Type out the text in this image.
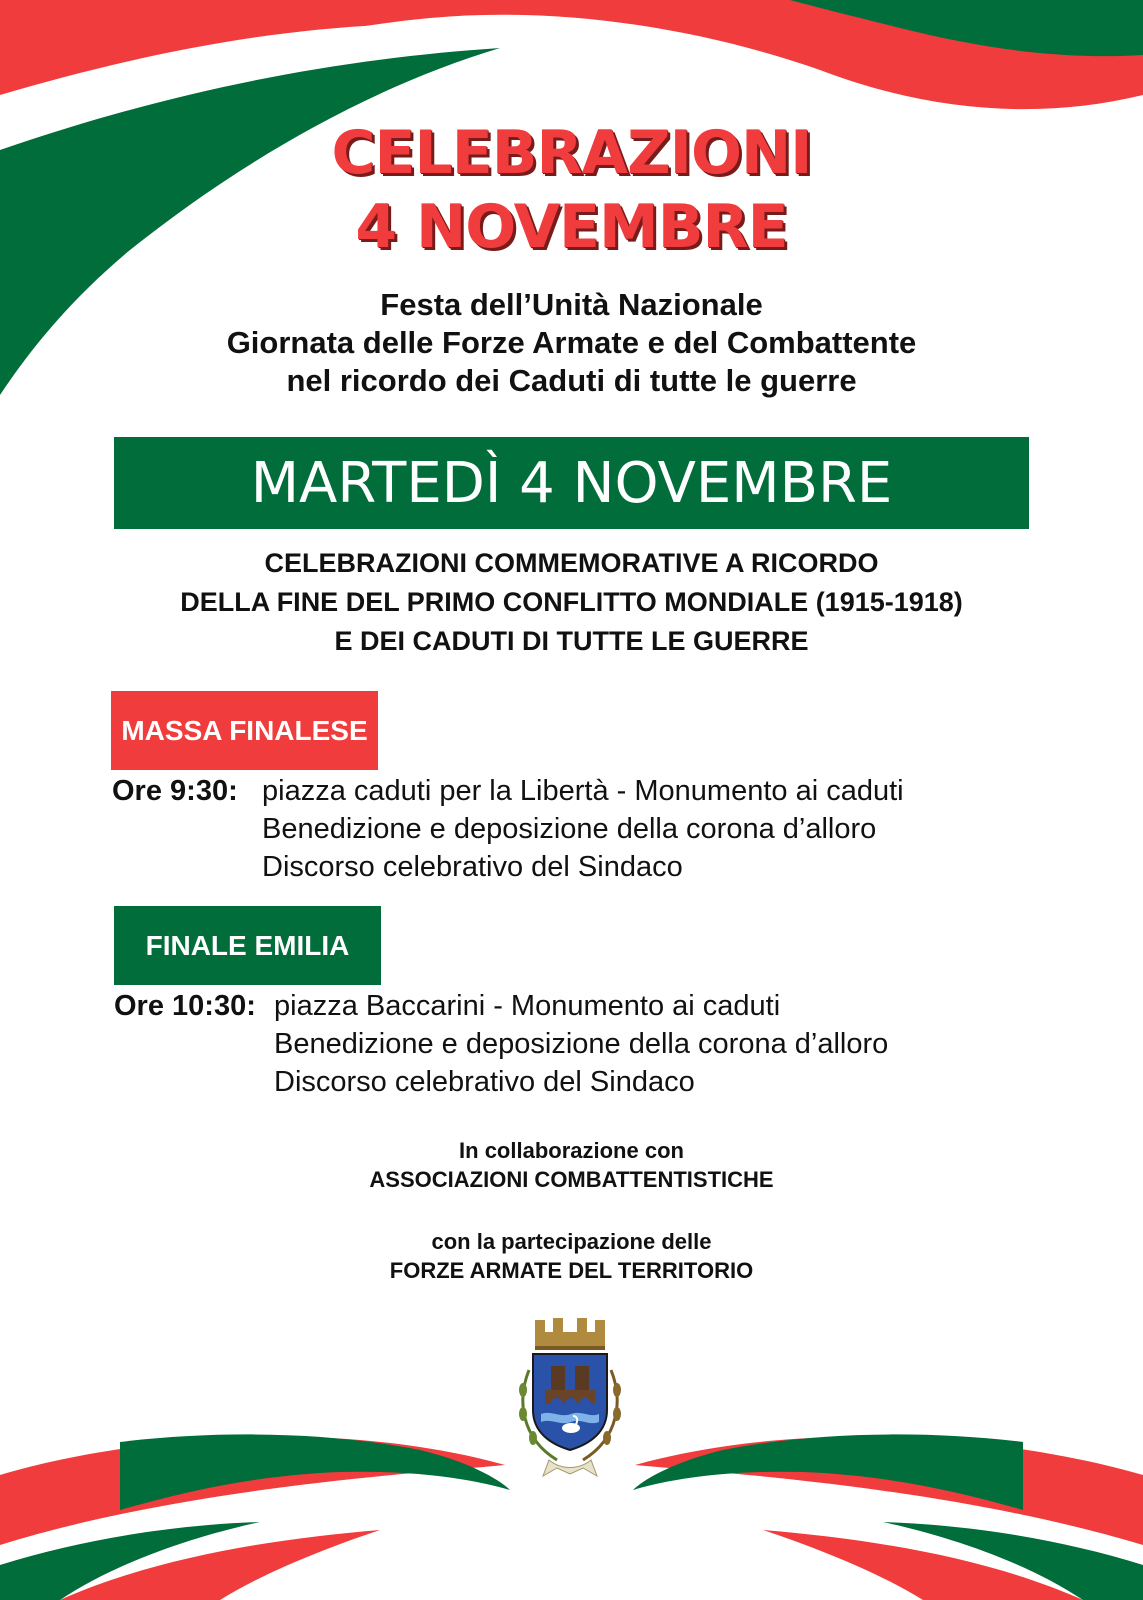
CELEBRAZIONI
4 NOVEMBRE
Festa dell’Unità Nazionale
Giornata delle Forze Armate e del Combattente
nel ricordo dei Caduti di tutte le guerre
MARTEDÌ 4 NOVEMBRE
CELEBRAZIONI COMMEMORATIVE A RICORDO
DELLA FINE DEL PRIMO CONFLITTO MONDIALE (1915-1918)
E DEI CADUTI DI TUTTE LE GUERRE
MASSA FINALESE
Ore 9:30: piazza caduti per la Libertà - Monumento ai caduti
Benedizione e deposizione della corona d’alloro
Discorso celebrativo del Sindaco
FINALE EMILIA
Ore 10:30: piazza Baccarini - Monumento ai caduti
Benedizione e deposizione della corona d’alloro
Discorso celebrativo del Sindaco
In collaborazione con
ASSOCIAZIONI COMBATTENTISTICHE
con la partecipazione delle
FORZE ARMATE DEL TERRITORIO
